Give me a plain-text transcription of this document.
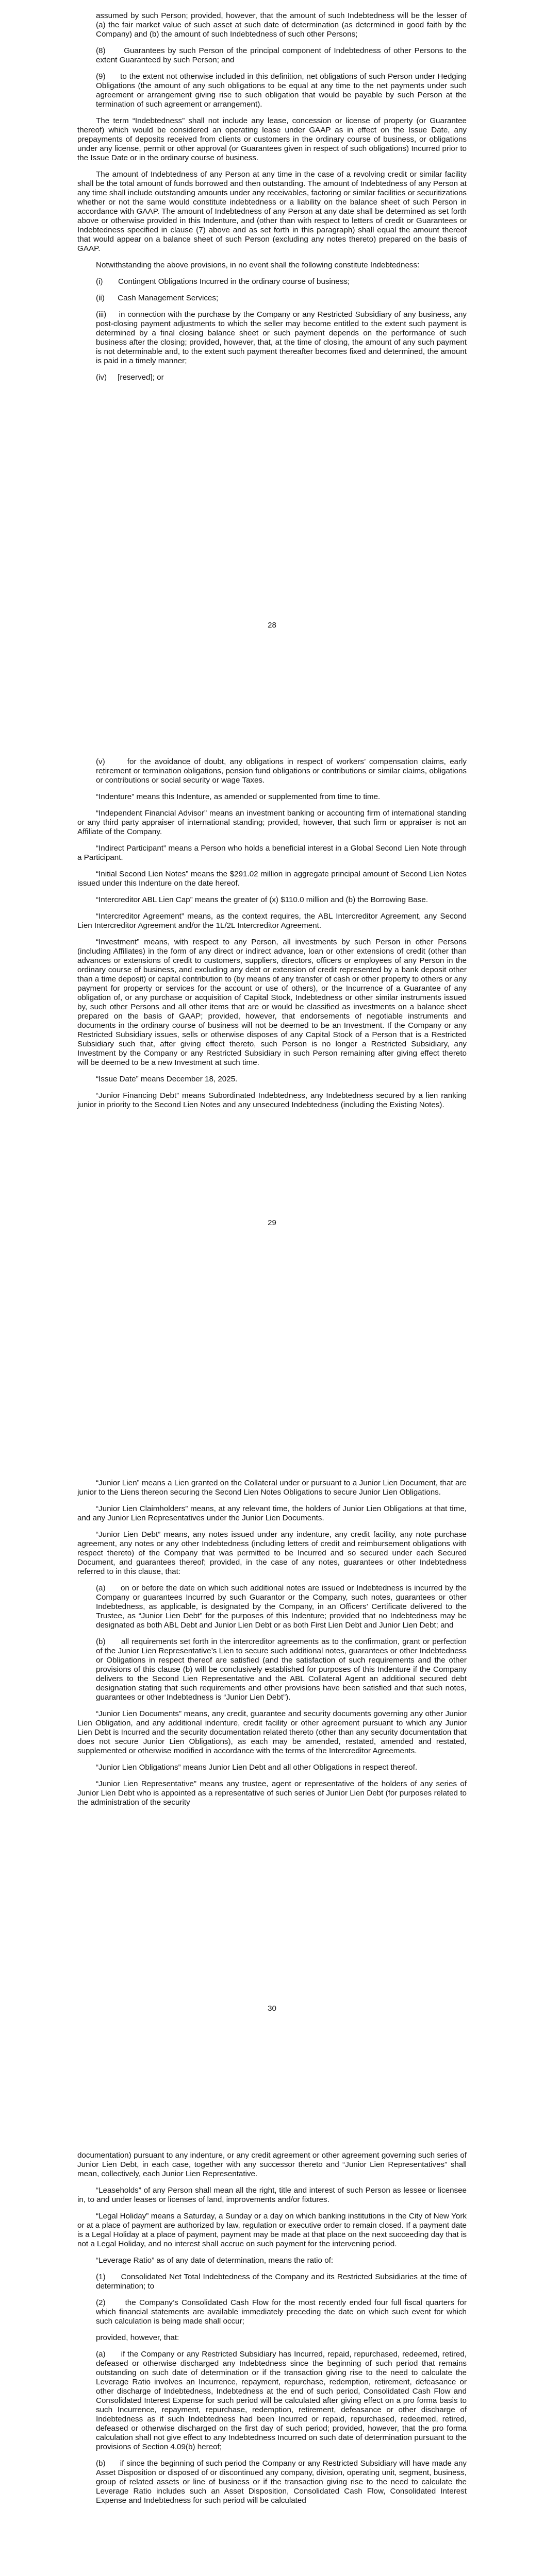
assumed by such Person; provided, however, that the amount of such Indebtedness will be the lesser of (a) the fair market value of such asset at such date of determination (as determined in good faith by the Company) and (b) the amount of such Indebtedness of such other Persons;

(8)      Guarantees by such Person of the principal component of Indebtedness of other Persons to the extent Guaranteed by such Person; and

(9)      to the extent not otherwise included in this definition, net obligations of such Person under Hedging Obligations (the amount of any such obligations to be equal at any time to the net payments under such agreement or arrangement giving rise to such obligation that would be payable by such Person at the termination of such agreement or arrangement).

The term “Indebtedness” shall not include any lease, concession or license of property (or Guarantee thereof) which would be considered an operating lease under GAAP as in effect on the Issue Date, any prepayments of deposits received from clients or customers in the ordinary course of business, or obligations under any license, permit or other approval (or Guarantees given in respect of such obligations) Incurred prior to the Issue Date or in the ordinary course of business.

The amount of Indebtedness of any Person at any time in the case of a revolving credit or similar facility shall be the total amount of funds borrowed and then outstanding. The amount of Indebtedness of any Person at any time shall include outstanding amounts under any receivables, factoring or similar facilities or securitizations whether or not the same would constitute indebtedness or a liability on the balance sheet of such Person in accordance with GAAP. The amount of Indebtedness of any Person at any date shall be determined as set forth above or otherwise provided in this Indenture, and (other than with respect to letters of credit or Guarantees or Indebtedness specified in clause (7) above and as set forth in this paragraph) shall equal the amount thereof that would appear on a balance sheet of such Person (excluding any notes thereto) prepared on the basis of GAAP.

Notwithstanding the above provisions, in no event shall the following constitute Indebtedness:

(i)       Contingent Obligations Incurred in the ordinary course of business;

(ii)      Cash Management Services;

(iii)     in connection with the purchase by the Company or any Restricted Subsidiary of any business, any post-closing payment adjustments to which the seller may become entitled to the extent such payment is determined by a final closing balance sheet or such payment depends on the performance of such business after the closing; provided, however, that, at the time of closing, the amount of any such payment is not determinable and, to the extent such payment thereafter becomes fixed and determined, the amount is paid in a timely manner;

(iv)     [reserved]; or

28

(v)      for the avoidance of doubt, any obligations in respect of workers’ compensation claims, early retirement or termination obligations, pension fund obligations or contributions or similar claims, obligations or contributions or social security or wage Taxes.

“Indenture” means this Indenture, as amended or supplemented from time to time.

“Independent Financial Advisor” means an investment banking or accounting firm of international standing or any third party appraiser of international standing; provided, however, that such firm or appraiser is not an Affiliate of the Company.

“Indirect Participant” means a Person who holds a beneficial interest in a Global Second Lien Note through a Participant.

“Initial Second Lien Notes” means the $291.02 million in aggregate principal amount of Second Lien Notes issued under this Indenture on the date hereof.

“Intercreditor ABL Lien Cap” means the greater of (x) $110.0 million and (b) the Borrowing Base.

“Intercreditor Agreement” means, as the context requires, the ABL Intercreditor Agreement, any Second Lien Intercreditor Agreement and/or the 1L/2L Intercreditor Agreement.

“Investment” means, with respect to any Person, all investments by such Person in other Persons (including Affiliates) in the form of any direct or indirect advance, loan or other extensions of credit (other than advances or extensions of credit to customers, suppliers, directors, officers or employees of any Person in the ordinary course of business, and excluding any debt or extension of credit represented by a bank deposit other than a time deposit) or capital contribution to (by means of any transfer of cash or other property to others or any payment for property or services for the account or use of others), or the Incurrence of a Guarantee of any obligation of, or any purchase or acquisition of Capital Stock, Indebtedness or other similar instruments issued by, such other Persons and all other items that are or would be classified as investments on a balance sheet prepared on the basis of GAAP; provided, however, that endorsements of negotiable instruments and documents in the ordinary course of business will not be deemed to be an Investment. If the Company or any Restricted Subsidiary issues, sells or otherwise disposes of any Capital Stock of a Person that is a Restricted Subsidiary such that, after giving effect thereto, such Person is no longer a Restricted Subsidiary, any Investment by the Company or any Restricted Subsidiary in such Person remaining after giving effect thereto will be deemed to be a new Investment at such time.

“Issue Date” means December 18, 2025.

“Junior Financing Debt” means Subordinated Indebtedness, any Indebtedness secured by a lien ranking junior in priority to the Second Lien Notes and any unsecured Indebtedness (including the Existing Notes).

29

“Junior Lien” means a Lien granted on the Collateral under or pursuant to a Junior Lien Document, that are junior to the Liens thereon securing the Second Lien Notes Obligations to secure Junior Lien Obligations.

“Junior Lien Claimholders” means, at any relevant time, the holders of Junior Lien Obligations at that time, and any Junior Lien Representatives under the Junior Lien Documents.

“Junior Lien Debt” means, any notes issued under any indenture, any credit facility, any note purchase agreement, any notes or any other Indebtedness (including letters of credit and reimbursement obligations with respect thereto) of the Company that was permitted to be Incurred and so secured under each Secured Document, and guarantees thereof; provided, in the case of any notes, guarantees or other Indebtedness referred to in this clause, that:

(a)      on or before the date on which such additional notes are issued or Indebtedness is incurred by the Company or guarantees Incurred by such Guarantor or the Company, such notes, guarantees or other Indebtedness, as applicable, is designated by the Company, in an Officers’ Certificate delivered to the Trustee, as “Junior Lien Debt” for the purposes of this Indenture; provided that no Indebtedness may be designated as both ABL Debt and Junior Lien Debt or as both First Lien Debt and Junior Lien Debt; and

(b)      all requirements set forth in the intercreditor agreements as to the confirmation, grant or perfection of the Junior Lien Representative’s Lien to secure such additional notes, guarantees or other Indebtedness or Obligations in respect thereof are satisfied (and the satisfaction of such requirements and the other provisions of this clause (b) will be conclusively established for purposes of this Indenture if the Company delivers to the Second Lien Representative and the ABL Collateral Agent an additional secured debt designation stating that such requirements and other provisions have been satisfied and that such notes, guarantees or other Indebtedness is “Junior Lien Debt”).

“Junior Lien Documents” means, any credit, guarantee and security documents governing any other Junior Lien Obligation, and any additional indenture, credit facility or other agreement pursuant to which any Junior Lien Debt is Incurred and the security documentation related thereto (other than any security documentation that does not secure Junior Lien Obligations), as each may be amended, restated, amended and restated, supplemented or otherwise modified in accordance with the terms of the Intercreditor Agreements.

“Junior Lien Obligations” means Junior Lien Debt and all other Obligations in respect thereof.

“Junior Lien Representative” means any trustee, agent or representative of the holders of any series of Junior Lien Debt who is appointed as a representative of such series of Junior Lien Debt (for purposes related to the administration of the security

30

documentation) pursuant to any indenture, or any credit agreement or other agreement governing such series of Junior Lien Debt, in each case, together with any successor thereto and “Junior Lien Representatives” shall mean, collectively, each Junior Lien Representative.

“Leaseholds” of any Person shall mean all the right, title and interest of such Person as lessee or licensee in, to and under leases or licenses of land, improvements and/or fixtures.

“Legal Holiday” means a Saturday, a Sunday or a day on which banking institutions in the City of New York or at a place of payment are authorized by law, regulation or executive order to remain closed. If a payment date is a Legal Holiday at a place of payment, payment may be made at that place on the next succeeding day that is not a Legal Holiday, and no interest shall accrue on such payment for the intervening period.

“Leverage Ratio” as of any date of determination, means the ratio of:

(1)      Consolidated Net Total Indebtedness of the Company and its Restricted Subsidiaries at the time of determination; to

(2)      the Company’s Consolidated Cash Flow for the most recently ended four full fiscal quarters for which financial statements are available immediately preceding the date on which such event for which such calculation is being made shall occur;

provided, however, that:

(a)      if the Company or any Restricted Subsidiary has Incurred, repaid, repurchased, redeemed, retired, defeased or otherwise discharged any Indebtedness since the beginning of such period that remains outstanding on such date of determination or if the transaction giving rise to the need to calculate the Leverage Ratio involves an Incurrence, repayment, repurchase, redemption, retirement, defeasance or other discharge of Indebtedness, Indebtedness at the end of such period, Consolidated Cash Flow and Consolidated Interest Expense for such period will be calculated after giving effect on a pro forma basis to such Incurrence, repayment, repurchase, redemption, retirement, defeasance or other discharge of Indebtedness as if such Indebtedness had been Incurred or repaid, repurchased, redeemed, retired, defeased or otherwise discharged on the first day of such period; provided, however, that the pro forma calculation shall not give effect to any Indebtedness Incurred on such date of determination pursuant to the provisions of Section 4.09(b) hereof;

(b)      if since the beginning of such period the Company or any Restricted Subsidiary will have made any Asset Disposition or disposed of or discontinued any company, division, operating unit, segment, business, group of related assets or line of business or if the transaction giving rise to the need to calculate the Leverage Ratio includes such an Asset Disposition, Consolidated Cash Flow, Consolidated Interest Expense and Indebtedness for such period will be calculated
